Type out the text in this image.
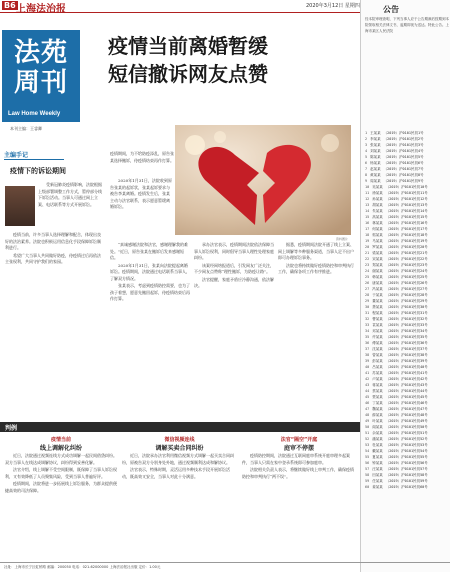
B6 上海法治报	2020年3月12日 星期四
法苑
周刊
Law Home Weekly
本刊主编：王睿卿
疫情当前离婚暂缓
短信撤诉网友点赞
疫情期间，为不给防疫添乱，原告张某选择撤诉，待疫情结束再作打算。

2020年1月31日，法院收到原告张某的起诉状，张某起诉要求与被告李某离婚。疫情发生后，张某主动与法官联系，表示愿意暂缓离婚诉讼。

资料图片
主编手记
疫情下的诉讼期间

受新冠肺炎疫情影响，法院根据上级部署调整工作方式，暂停部分线下诉讼活动。当事人可通过网上立案、电话联系等方式开展诉讼。

疫情当前，许多当事人选择理解和配合，体现出良好的法治素养。法院也积极运用信息化手段保障诉讼顺利进行。

希望广大当事人共同做好防疫，待疫情过后再依法主张权利，共同守护我们的家园。

“真诚感谢法院和法官，感谢理解我的难处。”近日，原告张某在撤诉后发来感谢短信。

2020年1月31日，张某向法院提起离婚诉讼。疫情期间，法院通过电话联系当事人，了解双方情况。

张某表示，考虑到疫情防控需要，也为了孩子着想，愿意先撤回起诉，待疫情结束后再作打算。

承办法官表示，疫情期间法院依法保障当事人诉讼权利，同时倡导当事人理性处理家庭纠纷。

该案经网络报道后，引发网友广泛关注，不少网友点赞称“理性撤诉，为防疫让路”。

法官提醒，家庭矛盾应冷静沟通，依法解决。

据悉，疫情期间法院开通了线上立案、网上调解等多种服务渠道，当事人足不出户即可办理诉讼事务。

法院也将持续做好疫情防控和审判执行工作，确保各项工作有序推进。

公告
经本院审理查明，下列当事人应于公告期满后按期到本院领取相关法律文书，逾期即视为送达。特此公告。上海市某区人民法院
1 王某某 （2019）沪0101民初1号
2 李某某 （2019）沪0101民初2号
3 张某某 （2019）沪0101民初3号
4 刘某某 （2019）沪0101民初4号
5 陈某某 （2019）沪0101民初5号
6 杨某某 （2019）沪0101民初6号
7 赵某某 （2019）沪0101民初7号
8 黄某某 （2019）沪0101民初8号
9 周某某 （2019）沪0101民初9号
10 吴某某 （2019）沪0101民初10号
11 徐某某 （2019）沪0101民初11号
12 孙某某 （2019）沪0101民初12号
13 胡某某 （2019）沪0101民初13号
14 朱某某 （2019）沪0101民初14号
15 高某某 （2019）沪0101民初15号
16 林某某 （2019）沪0101民初16号
17 何某某 （2019）沪0101民初17号
18 郭某某 （2019）沪0101民初18号
19 马某某 （2019）沪0101民初19号
20 罗某某 （2019）沪0101民初20号
21 梁某某 （2019）沪0101民初21号
22 宋某某 （2019）沪0101民初22号
23 郑某某 （2019）沪0101民初23号
24 谢某某 （2019）沪0101民初24号
25 韩某某 （2019）沪0101民初25号
26 唐某某 （2019）沪0101民初26号
27 冯某某 （2019）沪0101民初27号
28 于某某 （2019）沪0101民初28号
29 董某某 （2019）沪0101民初29号
30 萧某某 （2019）沪0101民初30号
31 程某某 （2019）沪0101民初31号
32 曹某某 （2019）沪0101民初32号
33 袁某某 （2019）沪0101民初33号
34 邓某某 （2019）沪0101民初34号
35 许某某 （2019）沪0101民初35号
36 傅某某 （2019）沪0101民初36号
37 沈某某 （2019）沪0101民初37号
38 曾某某 （2019）沪0101民初38号
39 彭某某 （2019）沪0101民初39号
40 吕某某 （2019）沪0101民初40号
41 苏某某 （2019）沪0101民初41号
42 卢某某 （2019）沪0101民初42号
43 蒋某某 （2019）沪0101民初43号
44 蔡某某 （2019）沪0101民初44号
45 贾某某 （2019）沪0101民初45号
46 丁某某 （2019）沪0101民初46号
47 魏某某 （2019）沪0101民初47号
48 薛某某 （2019）沪0101民初48号
49 叶某某 （2019）沪0101民初49号
50 阎某某 （2019）沪0101民初50号
51 余某某 （2019）沪0101民初51号
52 潘某某 （2019）沪0101民初52号
53 杜某某 （2019）沪0101民初53号
54 戴某某 （2019）沪0101民初54号
55 夏某某 （2019）沪0101民初55号
56 钟某某 （2019）沪0101民初56号
57 汪某某 （2019）沪0101民初57号
58 田某某 （2019）沪0101民初58号
59 任某某 （2019）沪0101民初59号
60 姜某某 （2019）沪0101民初60号
判例
疫情当前
线上调解化纠纷

近日，法院通过视频连线方式成功调解一起民间借贷纠纷。双方当事人在线达成调解协议，纠纷得到妥善化解。

法官介绍，线上调解不受空间限制，既保障了当事人诉讼权利，又有效降低了人员聚集风险，受到当事人普遍好评。

疫情期间，法院将进一步拓展线上诉讼服务，为群众提供便捷高效的司法保障。

微信视频连线
调解买卖合同纠纷

近日，法院承办法官利用微信视频方式调解一起买卖合同纠纷，原被告双方分别身处外地，通过视频顺利达成和解协议。

法官表示，特殊时期，灵活运用多种技术手段开展诉讼活动，既高效又安全，当事人对此十分满意。

法官“隔空”开庭
庭审不停摆

疫情防控期间，法院通过互联网庭审系统开庭审理多起案件，当事人只需在家中登录系统即可参加庭审。

法院相关负责人表示，将继续做好线上审判工作，确保疫情防控和审判执行“两不误”。

社址：上海市长宁区虹桥路 邮编：200050 电话：021-62000000 上海法治报社出版 定价：1.00元
